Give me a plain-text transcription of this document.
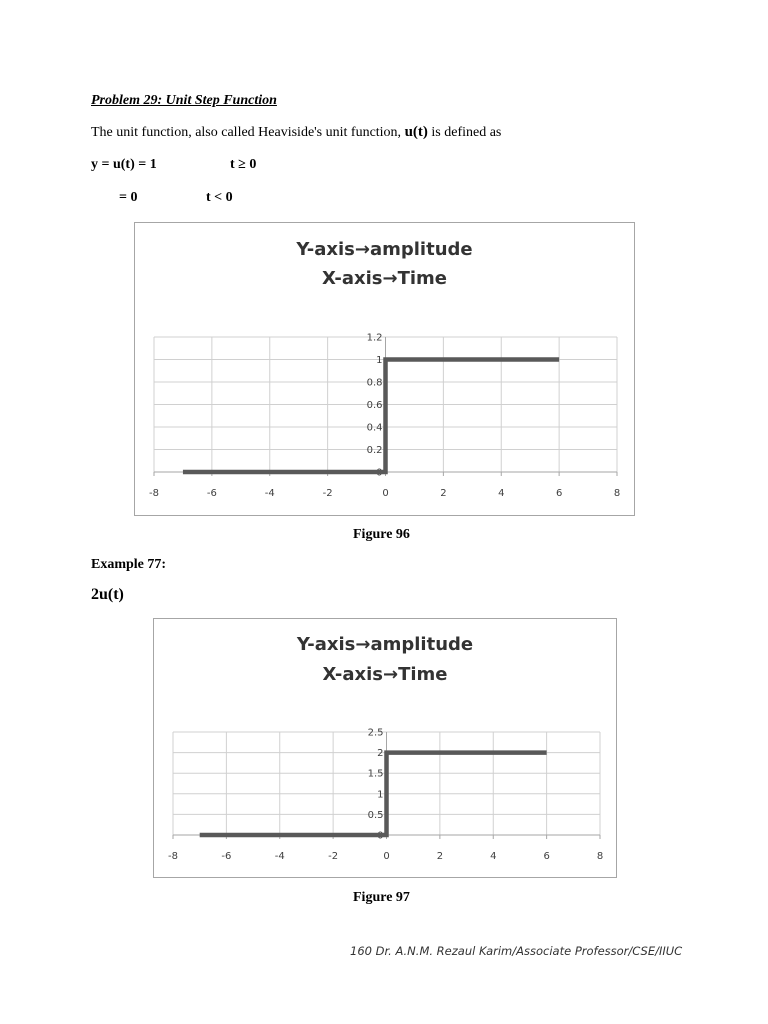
Problem 29: Unit Step Function
The unit function, also called Heaviside's unit function, u(t) is defined as
y = u(t) = 1	t ≥ 0
= 0	t < 0
Y-axis→amplitude
X-axis→Time
0
0.2
0.4
0.6
0.8
1
1.2
-8	-6	-4	-2	0	2	4	6	8
Figure 96
Example 77:
2u(t)
Y-axis→amplitude
X-axis→Time
0
0.5
1
1.5
2
2.5
-8	-6	-4	-2	0	2	4	6	8
Figure 97
160 Dr. A.N.M. Rezaul Karim/Associate Professor/CSE/IIUC
